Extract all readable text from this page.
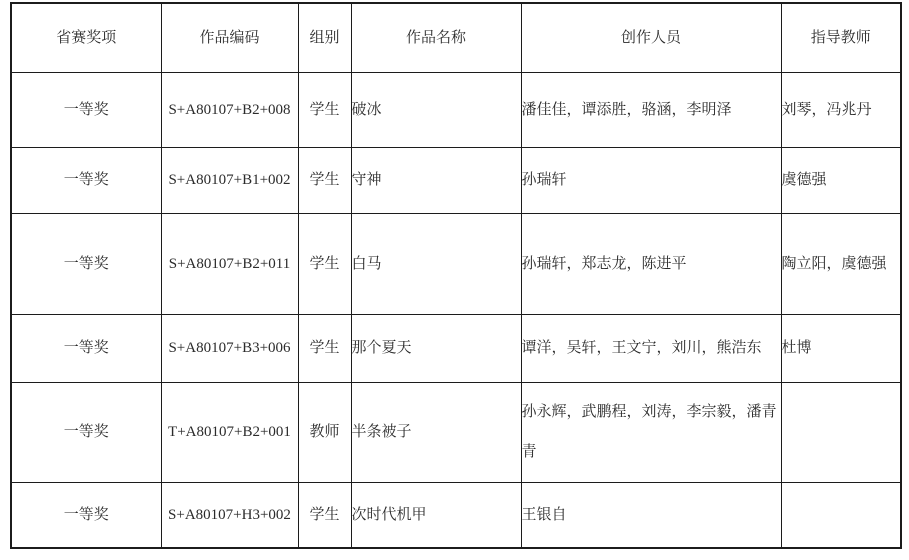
省赛奖项	作品编码	组别	作品名称	创作人员	指导教师
一等奖	S+A80107+B2+008	学生	破冰	潘佳佳，谭添胜，骆涵，李明泽	刘琴，冯兆丹
一等奖	S+A80107+B1+002	学生	守神	孙瑞轩	虞德强
一等奖	S+A80107+B2+011	学生	白马	孙瑞轩，郑志龙，陈进平	陶立阳，虞德强
一等奖	S+A80107+B3+006	学生	那个夏天	谭洋，吴轩，王文宁，刘川，熊浩东	杜博
一等奖	T+A80107+B2+001	教师	半条被子	孙永辉，武鹏程，刘涛，李宗毅，潘青青	
一等奖	S+A80107+H3+002	学生	次时代机甲	王银自	
